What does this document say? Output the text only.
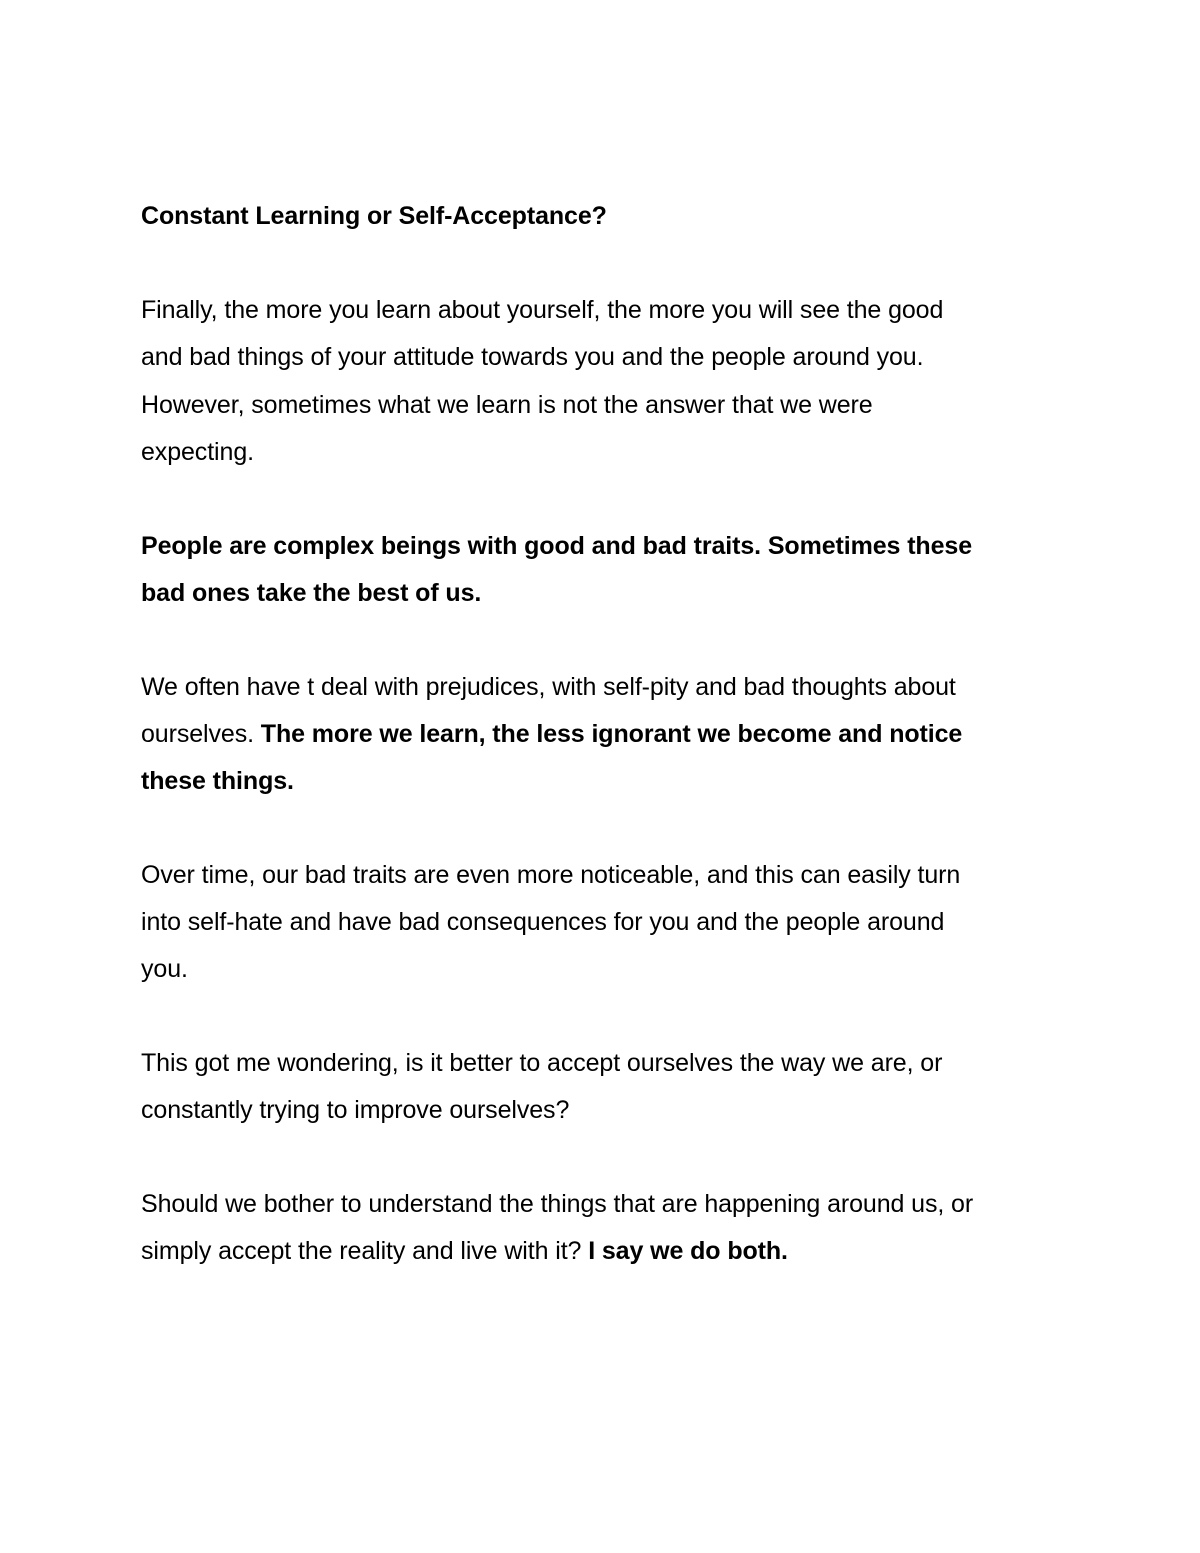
Constant Learning or Self-Acceptance?
Finally, the more you learn about yourself, the more you will see the good
and bad things of your attitude towards you and the people around you.
However, sometimes what we learn is not the answer that we were
expecting.
People are complex beings with good and bad traits. Sometimes these
bad ones take the best of us.
We often have t deal with prejudices, with self-pity and bad thoughts about
ourselves. The more we learn, the less ignorant we become and notice
these things.
Over time, our bad traits are even more noticeable, and this can easily turn
into self-hate and have bad consequences for you and the people around
you.
This got me wondering, is it better to accept ourselves the way we are, or
constantly trying to improve ourselves?
Should we bother to understand the things that are happening around us, or
simply accept the reality and live with it? I say we do both.
